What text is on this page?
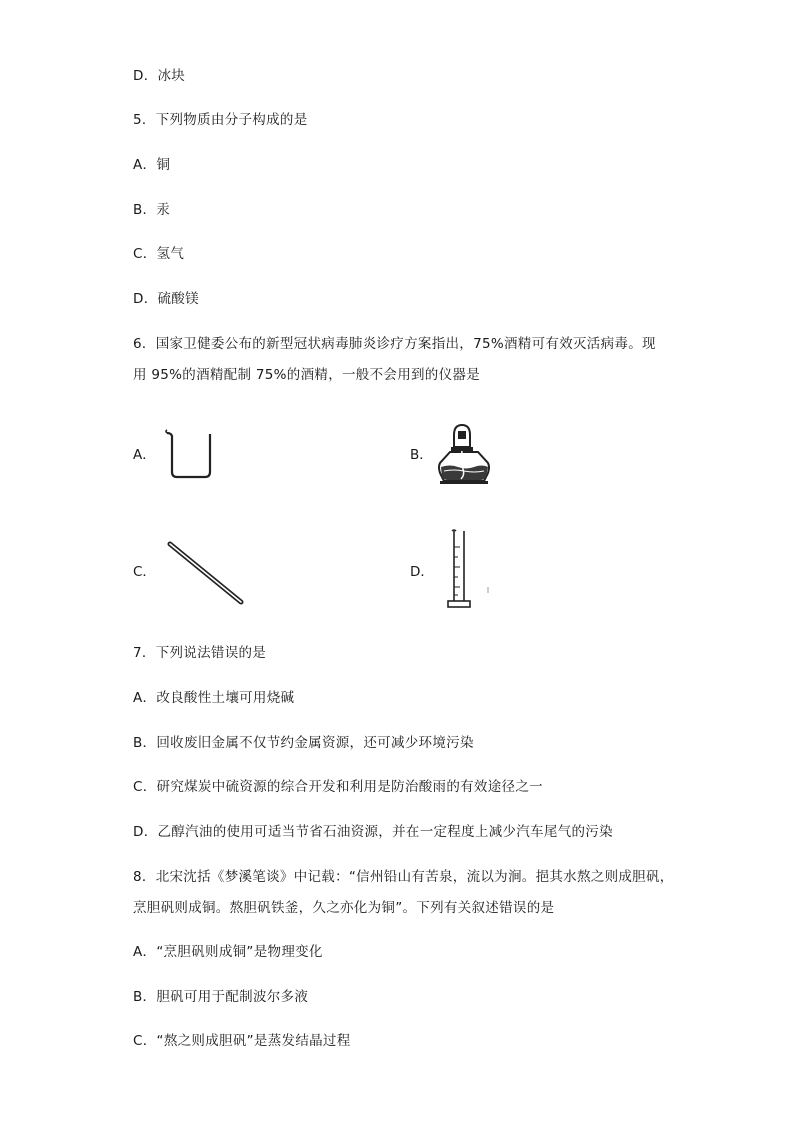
D．冰块
5．下列物质由分子构成的是
A．铜
B．汞
C．氢气
D．硫酸镁
6．国家卫健委公布的新型冠状病毒肺炎诊疗方案指出，75%酒精可有效灭活病毒。现
用 95%的酒精配制 75%的酒精，一般不会用到的仪器是
A．	B．
C．	D．
7．下列说法错误的是
A．改良酸性土壤可用烧碱
B．回收废旧金属不仅节约金属资源，还可减少环境污染
C．研究煤炭中硫资源的综合开发和利用是防治酸雨的有效途径之一
D．乙醇汽油的使用可适当节省石油资源，并在一定程度上减少汽车尾气的污染
8．北宋沈括《梦溪笔谈》中记载：“信州铅山有苦泉，流以为涧。挹其水熬之则成胆矾，
烹胆矾则成铜。熬胆矾铁釜，久之亦化为铜”。下列有关叙述错误的是
A．“烹胆矾则成铜”是物理变化
B．胆矾可用于配制波尔多液
C．“熬之则成胆矾”是蒸发结晶过程
